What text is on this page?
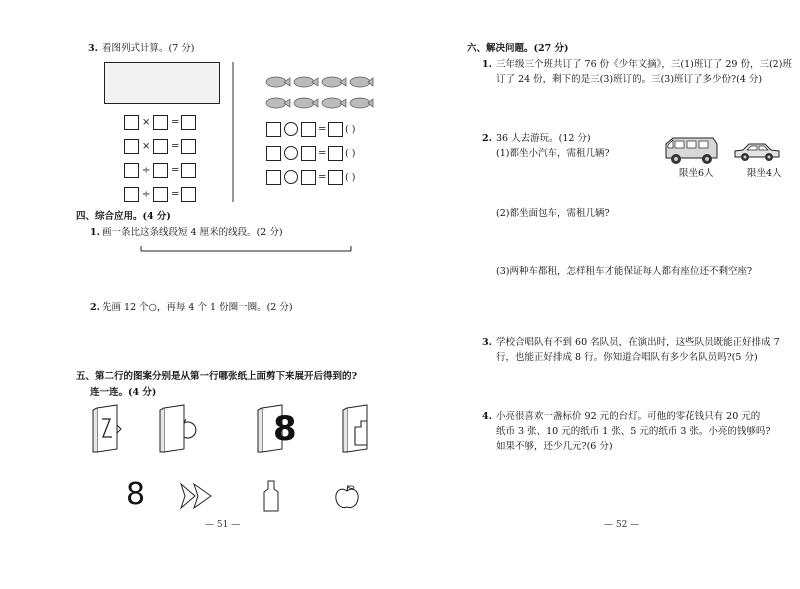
3. 看图列式计算。(7 分)
× =
× =
÷ =
÷ =
= ( )
= ( )
= ( )
四、综合应用。(4 分)
1. 画一条比这条线段短 4 厘米的线段。(2 分)
2. 先画 12 个○，再每 4 个 1 份圈一圈。(2 分)
五、第二行的图案分别是从第一行哪张纸上面剪下来展开后得到的?
连一连。(4 分)
8
8
— 51 —
六、解决问题。(27 分)
1. 三年级三个班共订了 76 份《少年文摘》，三(1)班订了 29 份，三(2)班
订了 24 份，剩下的是三(3)班订的。三(3)班订了多少份?(4 分)
2. 36 人去游玩。(12 分)
(1)都坐小汽车，需租几辆?
限坐6人	限坐4人
(2)都坐面包车，需租几辆?
(3)两种车都租，怎样租车才能保证每人都有座位还不剩空座?
3. 学校合唱队有不到 60 名队员，在演出时，这些队员既能正好排成 7
行，也能正好排成 8 行。你知道合唱队有多少名队员吗?(5 分)
4. 小亮很喜欢一盏标价 92 元的台灯。可他的零花钱只有 20 元的
纸币 3 张、10 元的纸币 1 张、5 元的纸币 3 张。小亮的钱够吗?
如果不够，还少几元?(6 分)
— 52 —
